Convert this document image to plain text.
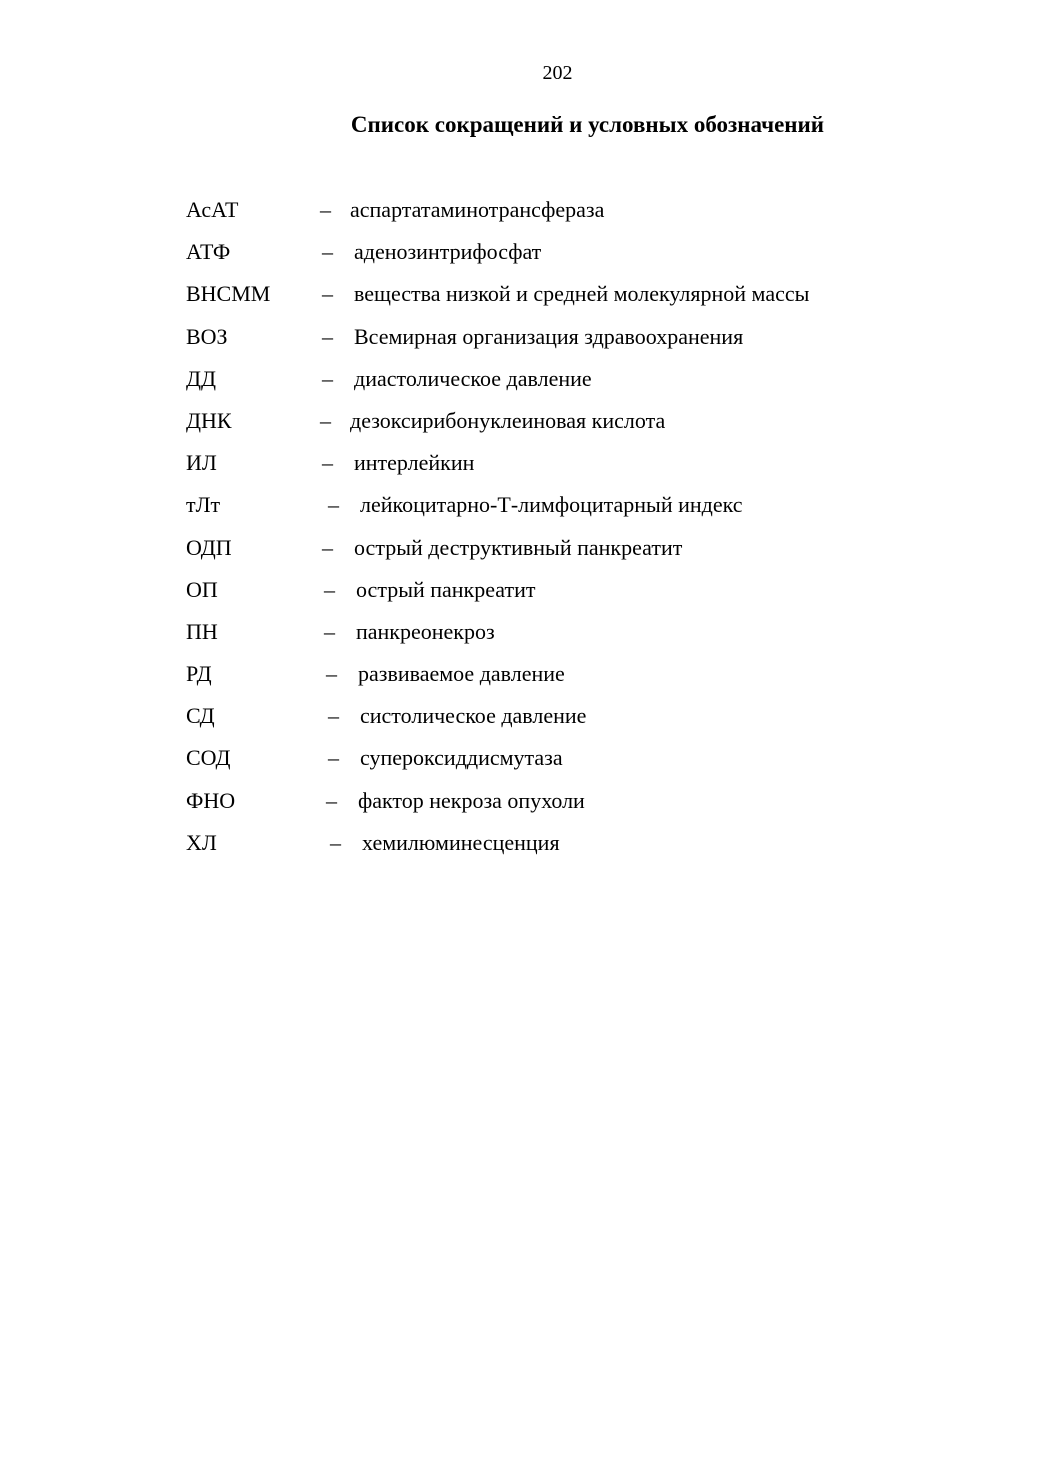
202
Список сокращений и условных обозначений
АсАТ	– аспартатаминотрансфераза
АТФ	– аденозинтрифосфат
ВНСММ	– вещества низкой и средней молекулярной массы
ВОЗ	– Всемирная организация здравоохранения
ДД	– диастолическое давление
ДНК	– дезоксирибонуклеиновая кислота
ИЛ	– интерлейкин
тЛт	– лейкоцитарно-Т-лимфоцитарный индекс
ОДП	– острый деструктивный панкреатит
ОП	– острый панкреатит
ПН	– панкреонекроз
РД	– развиваемое давление
СД	– систолическое давление
СОД	– супероксиддисмутаза
ФНО	– фактор некроза опухоли
ХЛ	– хемилюминесценция
